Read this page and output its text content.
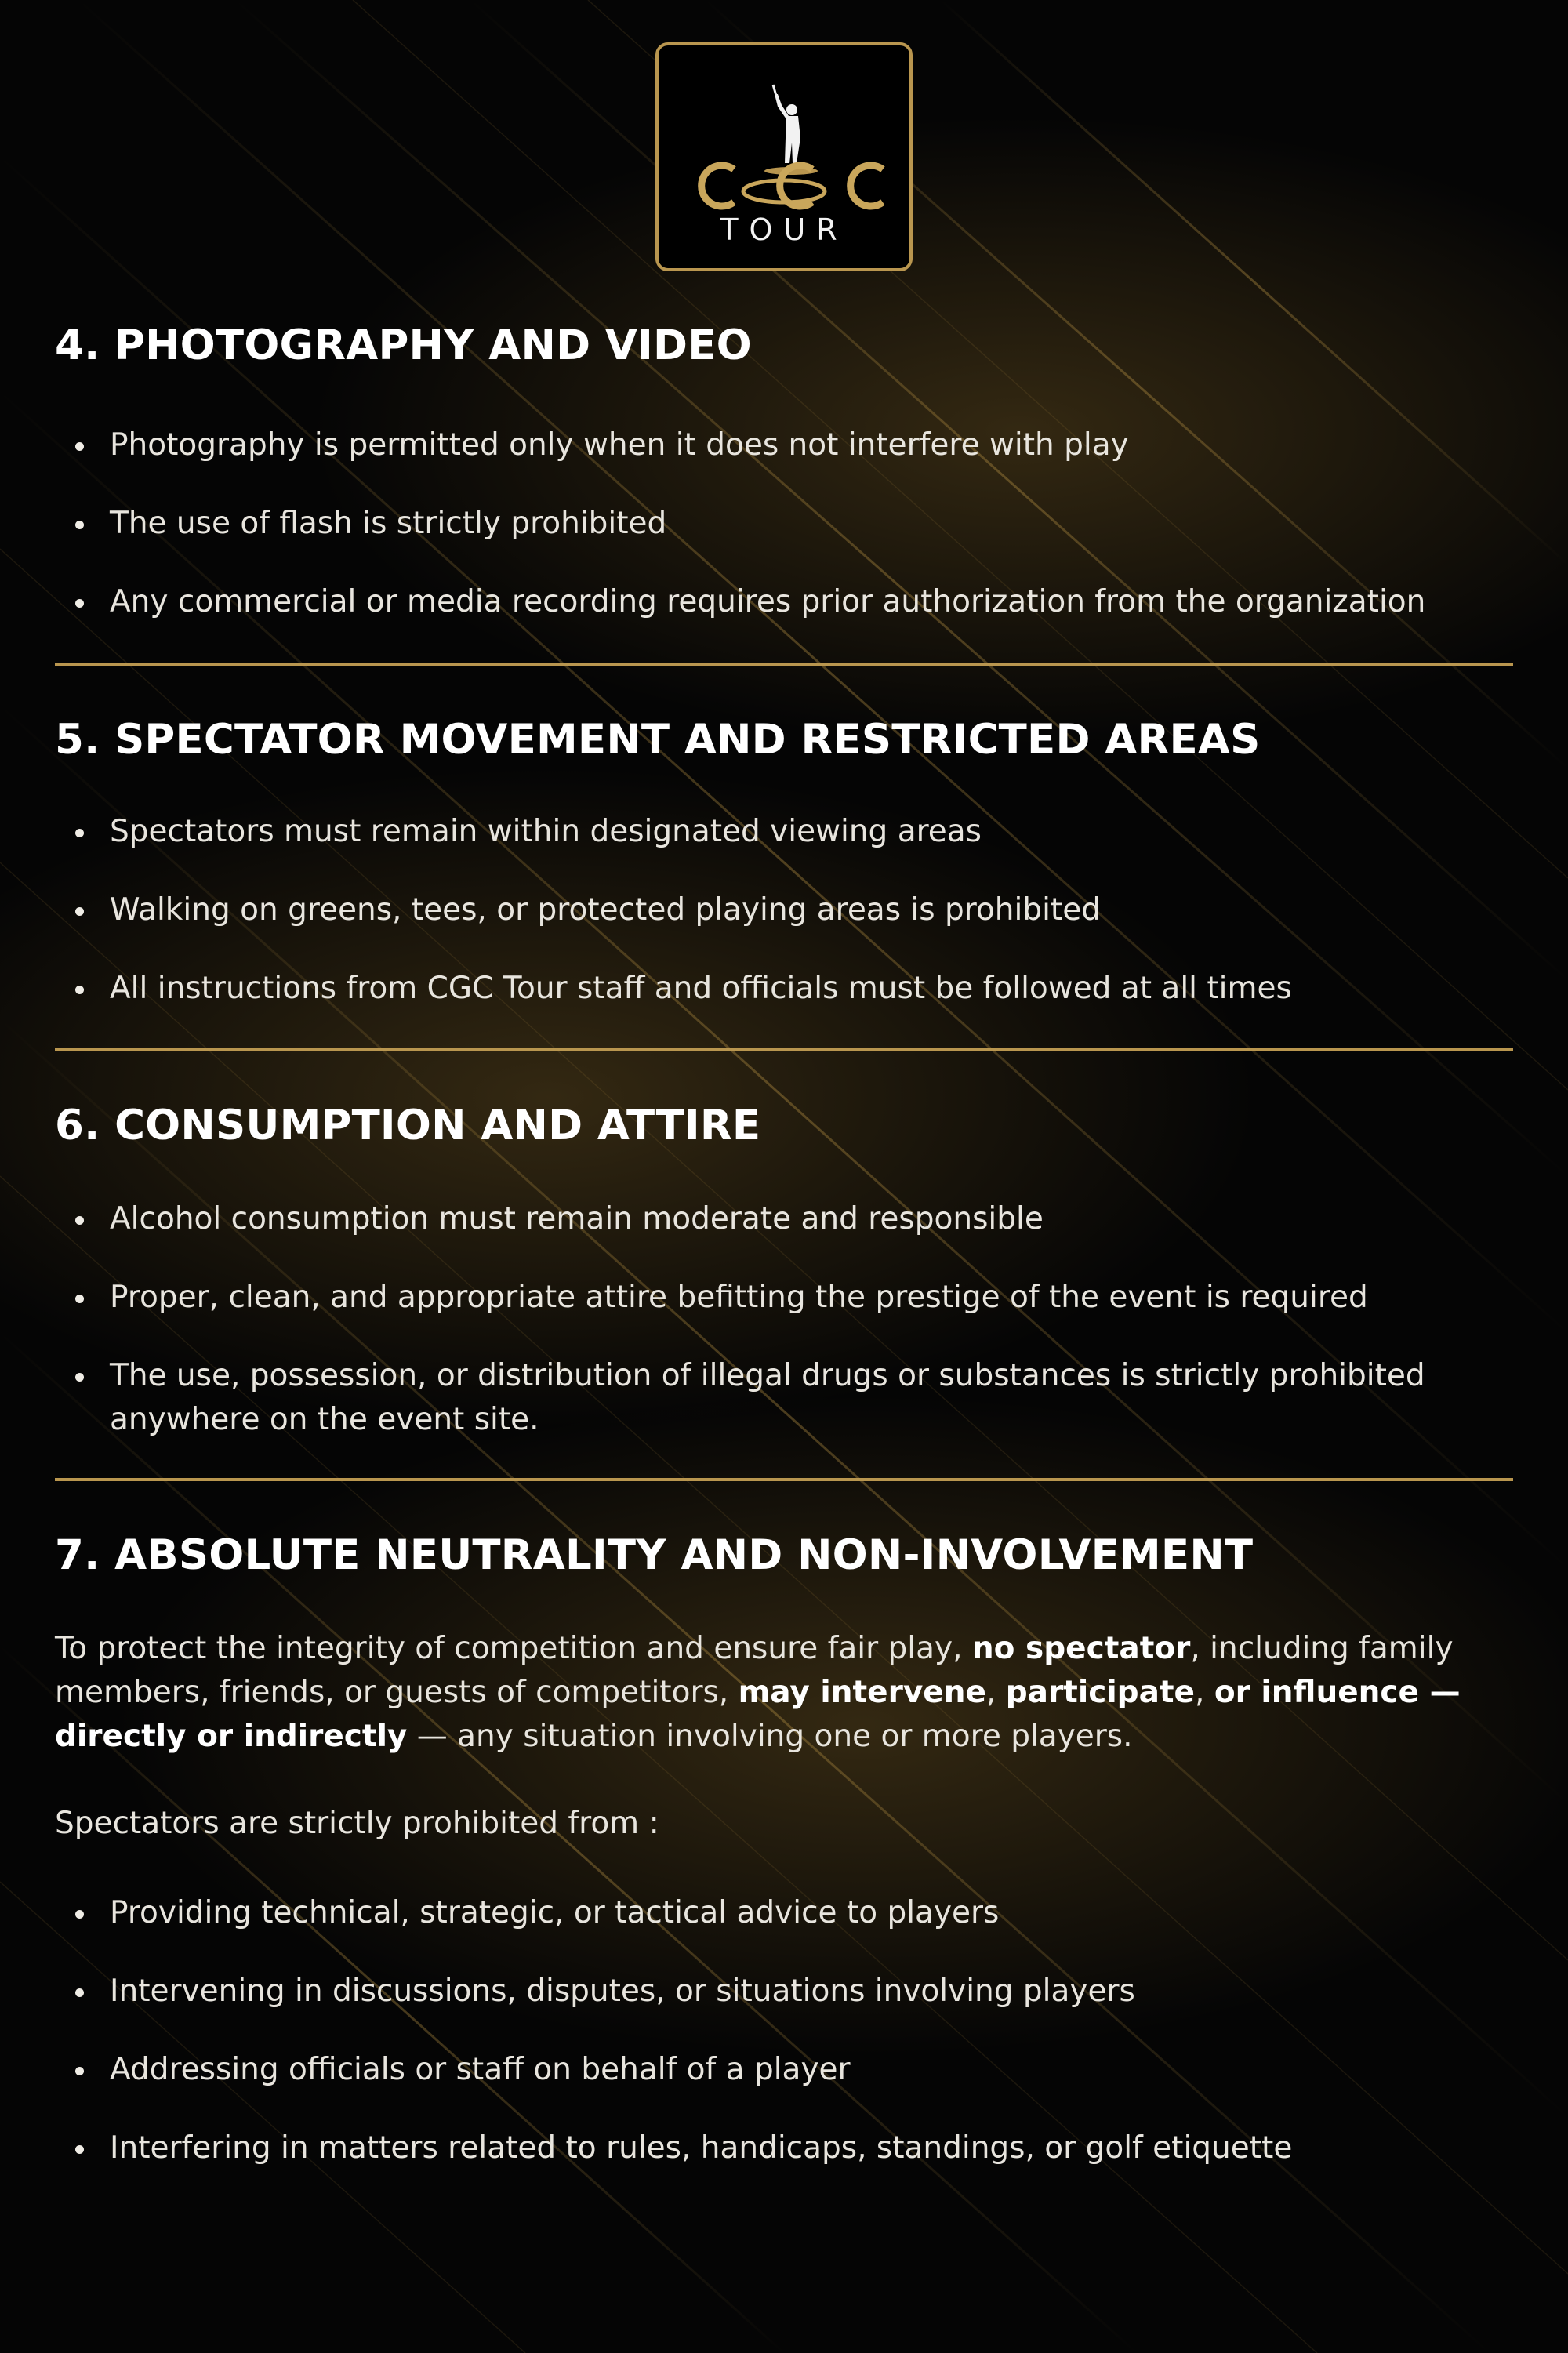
TOUR
4. PHOTOGRAPHY AND VIDEO
Photography is permitted only when it does not interfere with play
The use of flash is strictly prohibited
Any commercial or media recording requires prior authorization from the organization
5. SPECTATOR MOVEMENT AND RESTRICTED AREAS
Spectators must remain within designated viewing areas
Walking on greens, tees, or protected playing areas is prohibited
All instructions from CGC Tour staff and officials must be followed at all times
6. CONSUMPTION AND ATTIRE
Alcohol consumption must remain moderate and responsible
Proper, clean, and appropriate attire befitting the prestige of the event is required
The use, possession, or distribution of illegal drugs or substances is strictly prohibited anywhere on the event site.
7. ABSOLUTE NEUTRALITY AND NON-INVOLVEMENT

To protect the integrity of competition and ensure fair play, no spectator, including family members, friends, or guests of competitors, may intervene, participate, or influence — directly or indirectly — any situation involving one or more players.

Spectators are strictly prohibited from :

Providing technical, strategic, or tactical advice to players
Intervening in discussions, disputes, or situations involving players
Addressing officials or staff on behalf of a player
Interfering in matters related to rules, handicaps, standings, or golf etiquette
